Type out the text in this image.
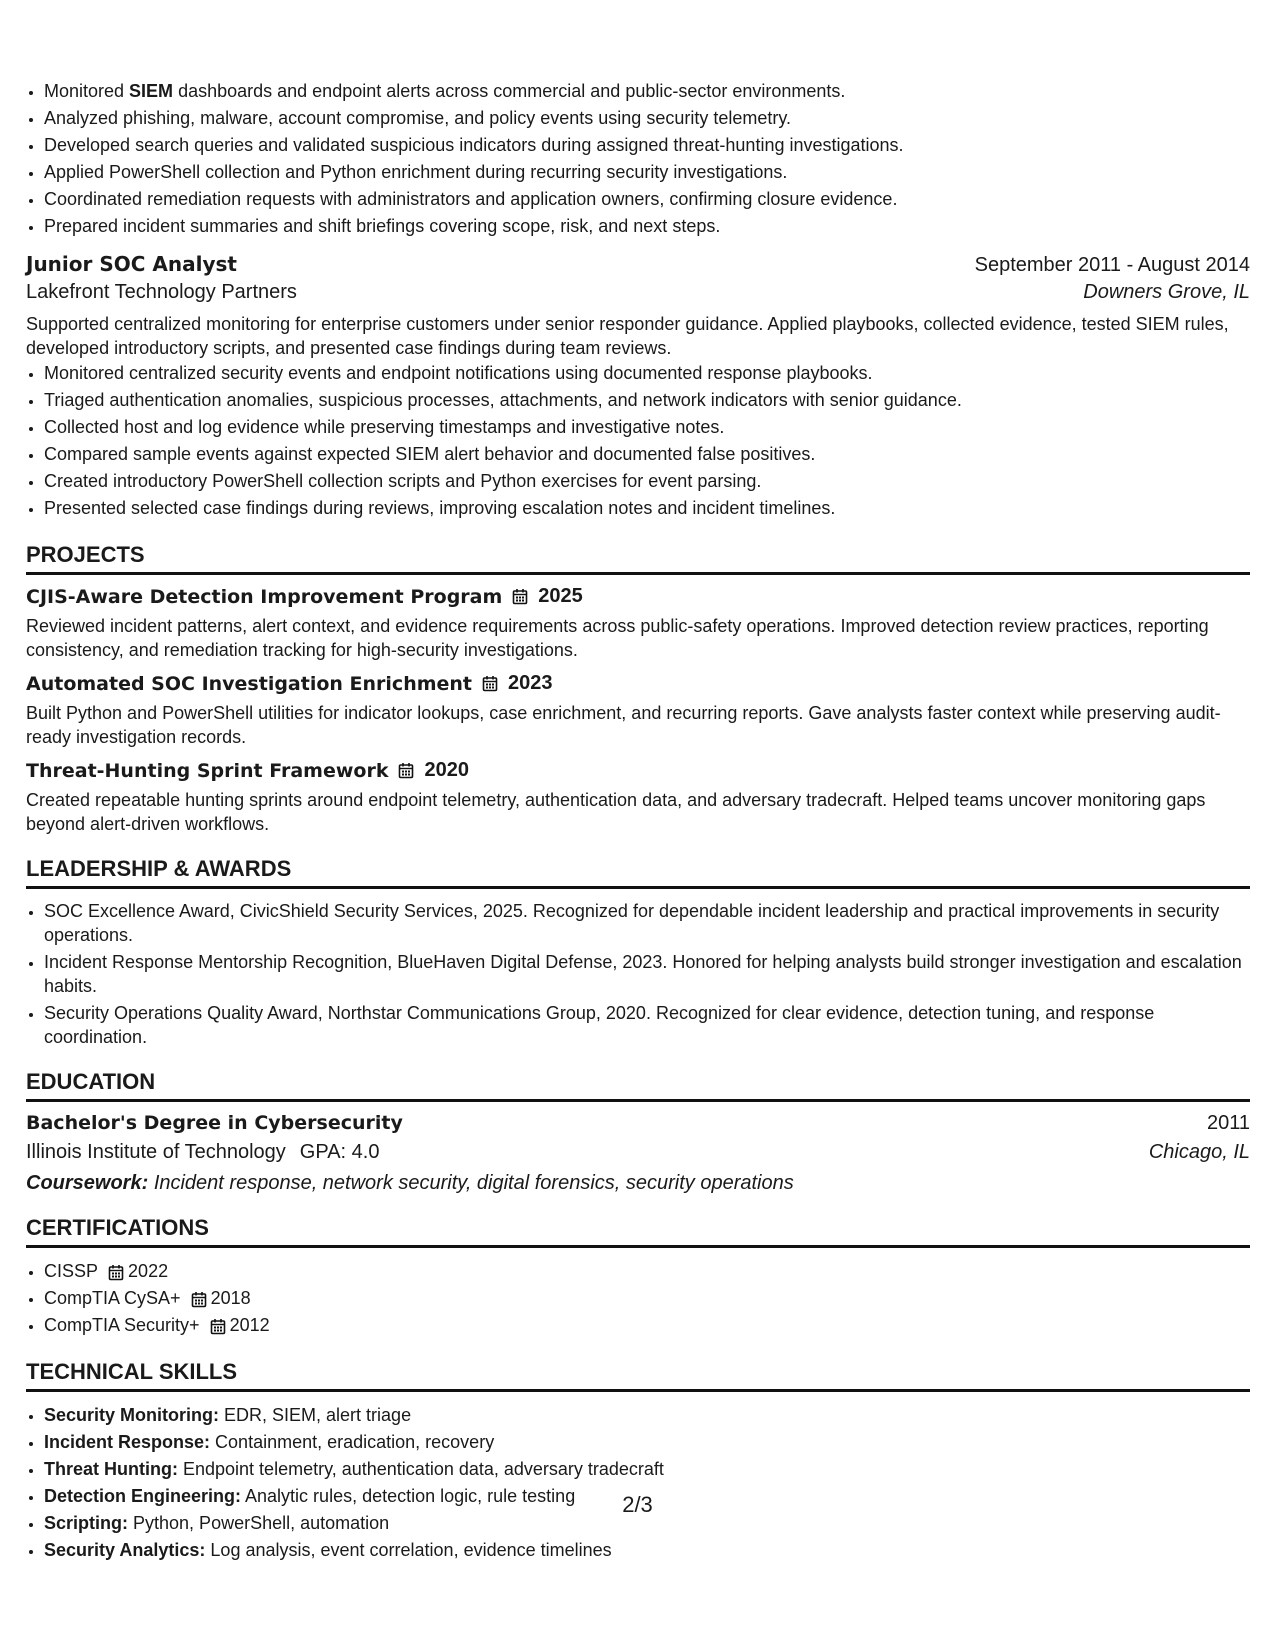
• Monitored SIEM dashboards and endpoint alerts across commercial and public-sector environments.
• Analyzed phishing, malware, account compromise, and policy events using security telemetry.
• Developed search queries and validated suspicious indicators during assigned threat-hunting investigations.
• Applied PowerShell collection and Python enrichment during recurring security investigations.
• Coordinated remediation requests with administrators and application owners, confirming closure evidence.
• Prepared incident summaries and shift briefings covering scope, risk, and next steps.
Junior SOC Analyst	September 2011 - August 2014
Lakefront Technology Partners	Downers Grove, IL
Supported centralized monitoring for enterprise customers under senior responder guidance. Applied playbooks, collected evidence, tested SIEM rules, developed introductory scripts, and presented case findings during team reviews.
• Monitored centralized security events and endpoint notifications using documented response playbooks.
• Triaged authentication anomalies, suspicious processes, attachments, and network indicators with senior guidance.
• Collected host and log evidence while preserving timestamps and investigative notes.
• Compared sample events against expected SIEM alert behavior and documented false positives.
• Created introductory PowerShell collection scripts and Python exercises for event parsing.
• Presented selected case findings during reviews, improving escalation notes and incident timelines.
PROJECTS
CJIS-Aware Detection Improvement Program 2025
Reviewed incident patterns, alert context, and evidence requirements across public-safety operations. Improved detection review practices, reporting consistency, and remediation tracking for high-security investigations.
Automated SOC Investigation Enrichment 2023
Built Python and PowerShell utilities for indicator lookups, case enrichment, and recurring reports. Gave analysts faster context while preserving audit-ready investigation records.
Threat-Hunting Sprint Framework 2020
Created repeatable hunting sprints around endpoint telemetry, authentication data, and adversary tradecraft. Helped teams uncover monitoring gaps beyond alert-driven workflows.
LEADERSHIP & AWARDS
• SOC Excellence Award, CivicShield Security Services, 2025. Recognized for dependable incident leadership and practical improvements in security operations.
• Incident Response Mentorship Recognition, BlueHaven Digital Defense, 2023. Honored for helping analysts build stronger investigation and escalation habits.
• Security Operations Quality Award, Northstar Communications Group, 2020. Recognized for clear evidence, detection tuning, and response coordination.
EDUCATION
Bachelor's Degree in Cybersecurity	2011
Illinois Institute of Technology GPA: 4.0	Chicago, IL
Coursework: Incident response, network security, digital forensics, security operations
CERTIFICATIONS
• CISSP 2022
• CompTIA CySA+ 2018
• CompTIA Security+ 2012
TECHNICAL SKILLS
• Security Monitoring: EDR, SIEM, alert triage
• Incident Response: Containment, eradication, recovery
• Threat Hunting: Endpoint telemetry, authentication data, adversary tradecraft
• Detection Engineering: Analytic rules, detection logic, rule testing
• Scripting: Python, PowerShell, automation
• Security Analytics: Log analysis, event correlation, evidence timelines
2/3
